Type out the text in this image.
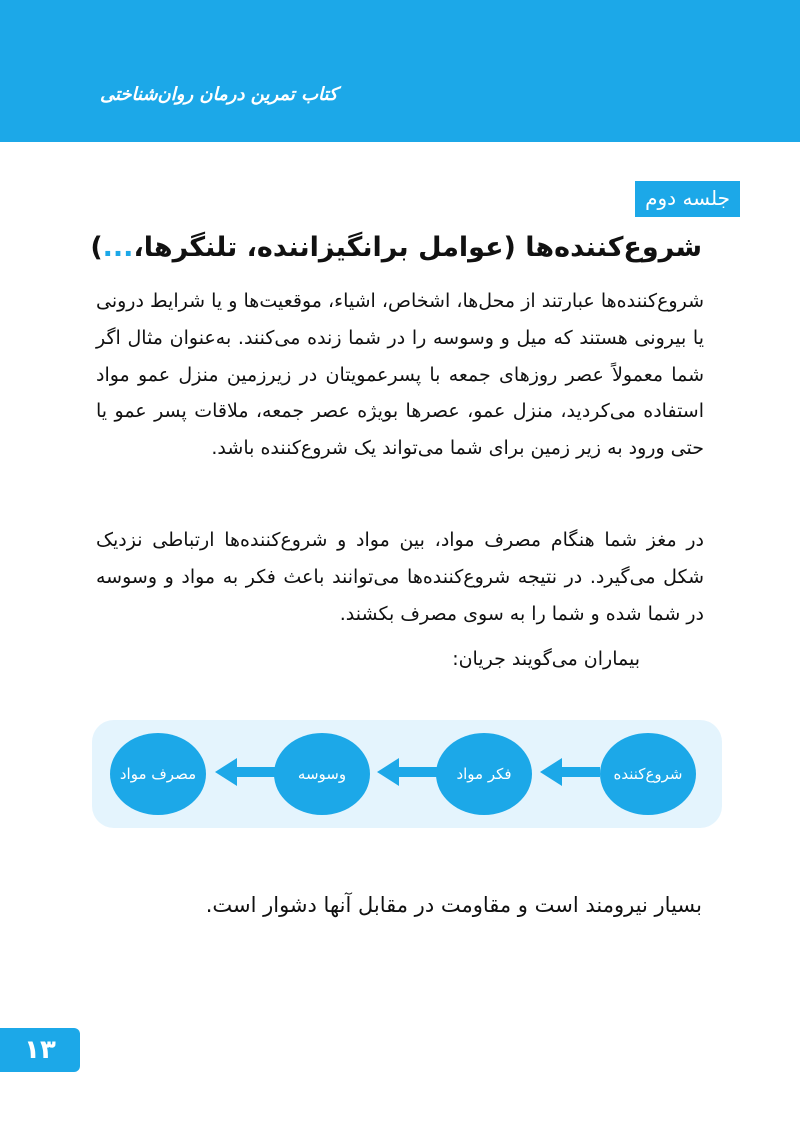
کتاب تمرین درمان روان‌شناختی
جلسه دوم
شروع‌کننده‌ها (عوامل برانگیزاننده، تلنگرها،...)
شروع‌کننده‌ها عبارتند از محل‌ها، اشخاص، اشیاء، موقعیت‌ها و یا شرایط درونی یا بیرونی هستند که میل و وسوسه را در شما زنده می‌کنند. به‌عنوان مثال اگر شما معمولاً عصر روزهای جمعه با پسرعمویتان در زیرزمین منزل عمو مواد استفاده می‌کردید، منزل عمو، عصرها بویژه عصر جمعه، ملاقات پسر عمو یا حتی ورود به زیر زمین برای شما می‌تواند یک شروع‌کننده باشد.
در مغز شما هنگام مصرف مواد، بین مواد و شروع‌کننده‌ها ارتباطی نزدیک شکل می‌گیرد. در نتیجه شروع‌کننده‌ها می‌توانند باعث فکر به مواد و وسوسه در شما شده و شما را به سوی مصرف بکشند.
بیماران می‌گویند جریان:
شروع‌کننده
فکر مواد
وسوسه
مصرف مواد
بسیار نیرومند است و مقاومت در مقابل آنها دشوار است.
۱۳
